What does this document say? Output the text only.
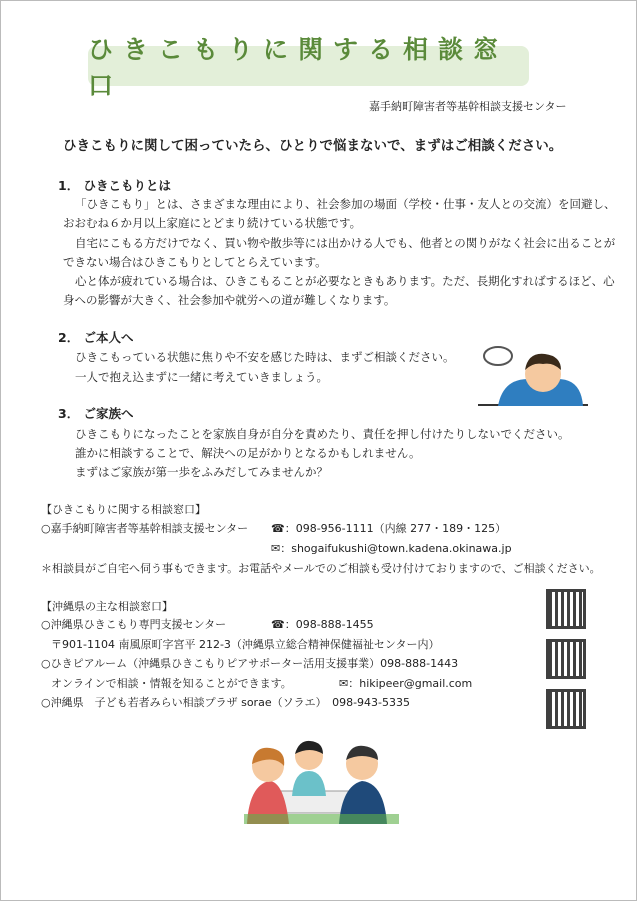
ひきこもりに関する相談窓口
嘉手納町障害者等基幹相談支援センター
ひきこもりに関して困っていたら、ひとりで悩まないで、まずはご相談ください。
1． ひきこもりとは
「ひきこもり」とは、さまざまな理由により、社会参加の場面（学校・仕事・友人との交流）を回避し、
おおむね６か月以上家庭にとどまり続けている状態です。
自宅にこもる方だけでなく、買い物や散歩等には出かける人でも、他者との関りがなく社会に出ることが
できない場合はひきこもりとしてとらえています。
心と体が疲れている場合は、ひきこもることが必要なときもあります。ただ、長期化すればするほど、心
身への影響が大きく、社会参加や就労への道が難しくなります。
2． ご本人へ
ひきこもっている状態に焦りや不安を感じた時は、まずご相談ください。
一人で抱え込まずに一緒に考えていきましょう。
3． ご家族へ
ひきこもりになったことを家族自身が自分を責めたり、責任を押し付けたりしないでください。
誰かに相談することで、解決への足がかりとなるかもしれません。
まずはご家族が第一歩をふみだしてみませんか？
【ひきこもりに関する相談窓口】
○嘉手納町障害者等基幹相談支援センター ☎：098-956-1111（内線 277・189・125）
✉：shogaifukushi@town.kadena.okinawa.jp
＊相談員がご自宅へ伺う事もできます。お電話やメールでのご相談も受け付けておりますので、ご相談ください。
【沖縄県の主な相談窓口】
○沖縄県ひきこもり専門支援センター	☎：098-888-1455
〒901-1104 南風原町字宮平 212-3（沖縄県立総合精神保健福祉センター内）
○ひきピアルーム（沖縄県ひきこもりピアサポーター活用支援事業）098-888-1443
オンラインで相談・情報を知ることができます。	✉：hikipeer@gmail.com
○沖縄県　子ども若者みらい相談プラザ sorae（ソラエ）　098-943-5335
